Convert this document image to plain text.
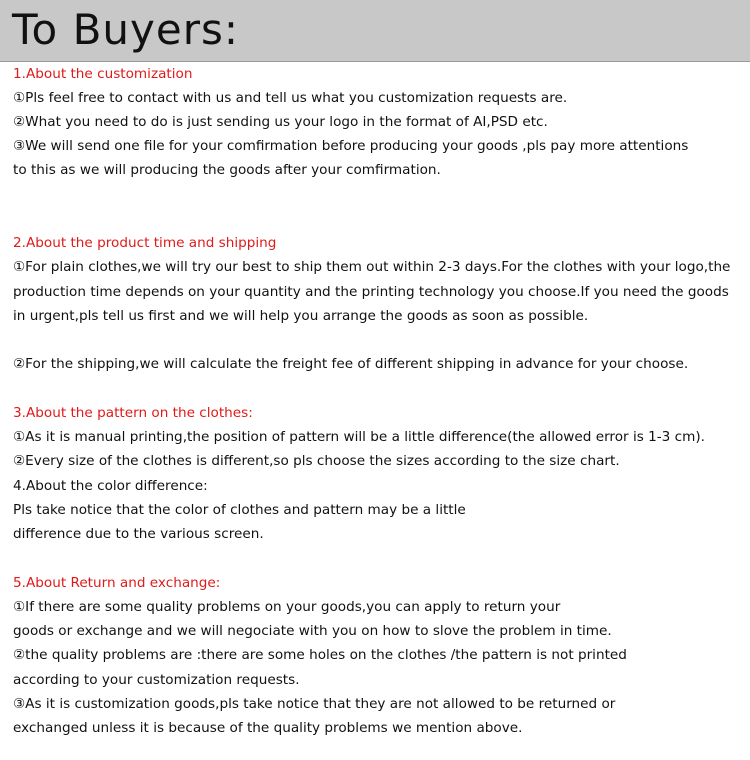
To Buyers:
1.About the customization
①Pls feel free to contact with us and tell us what you customization requests are.
②What you need to do is just sending us your logo in the format of AI,PSD etc.
③We will send one file for your comfirmation before producing your goods ,pls pay more attentions
to this as we will producing the goods after your comfirmation.
2.About the product time and shipping
①For plain clothes,we will try our best to ship them out within 2-3 days.For the clothes with your logo,the
production time depends on your quantity and the printing technology you choose.If you need the goods
in urgent,pls tell us first and we will help you arrange the goods as soon as possible.
②For the shipping,we will calculate the freight fee of different shipping in advance for your choose.
3.About the pattern on the clothes:
①As it is manual printing,the position of pattern will be a little difference(the allowed error is 1-3 cm).
②Every size of the clothes is different,so pls choose the sizes according to the size chart.
4.About the color difference:
Pls take notice that the color of clothes and pattern may be a little
difference due to the various screen.
5.About Return and exchange:
①If there are some quality problems on your goods,you can apply to return your
goods or exchange and we will negociate with you on how to slove the problem in time.
②the quality problems are :there are some holes on the clothes /the pattern is not printed
according to your customization requests.
③As it is customization goods,pls take notice that they are not allowed to be returned or
exchanged unless it is because of the quality problems we mention above.
